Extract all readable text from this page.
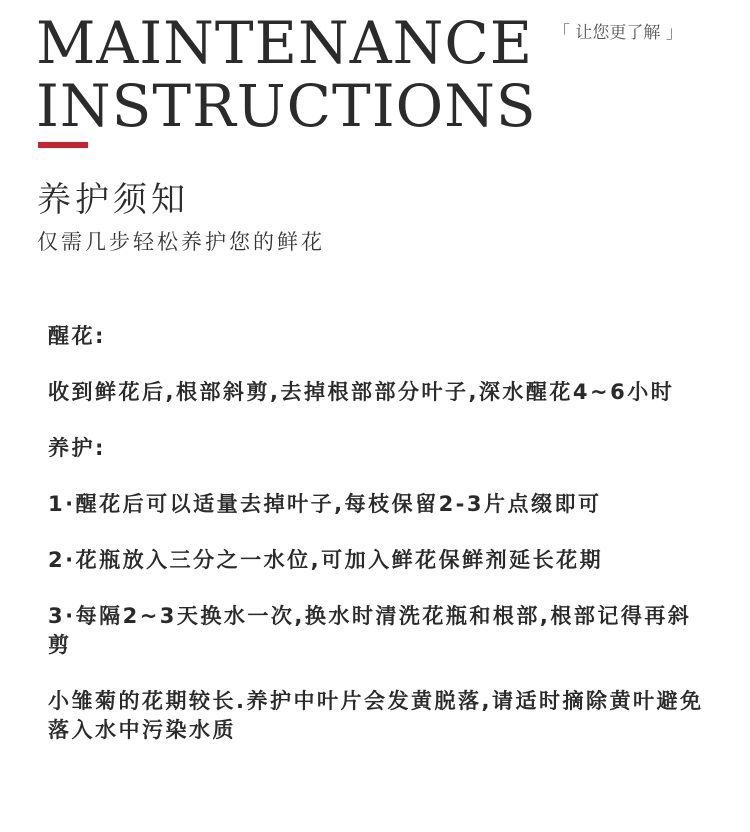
MAINTENANCE
INSTRUCTIONS
「 让您更了解 」
养护须知
仅需几步轻松养护您的鲜花

醒花:

收到鲜花后,根部斜剪,去掉根部部分叶子,深水醒花4~6小时

养护:

1·醒花后可以适量去掉叶子,每枝保留2-3片点缀即可

2·花瓶放入三分之一水位,可加入鲜花保鲜剂延长花期

3·每隔2~3天换水一次,换水时清洗花瓶和根部,根部记得再斜剪

小雏菊的花期较长.养护中叶片会发黄脱落,请适时摘除黄叶避免落入水中污染水质
